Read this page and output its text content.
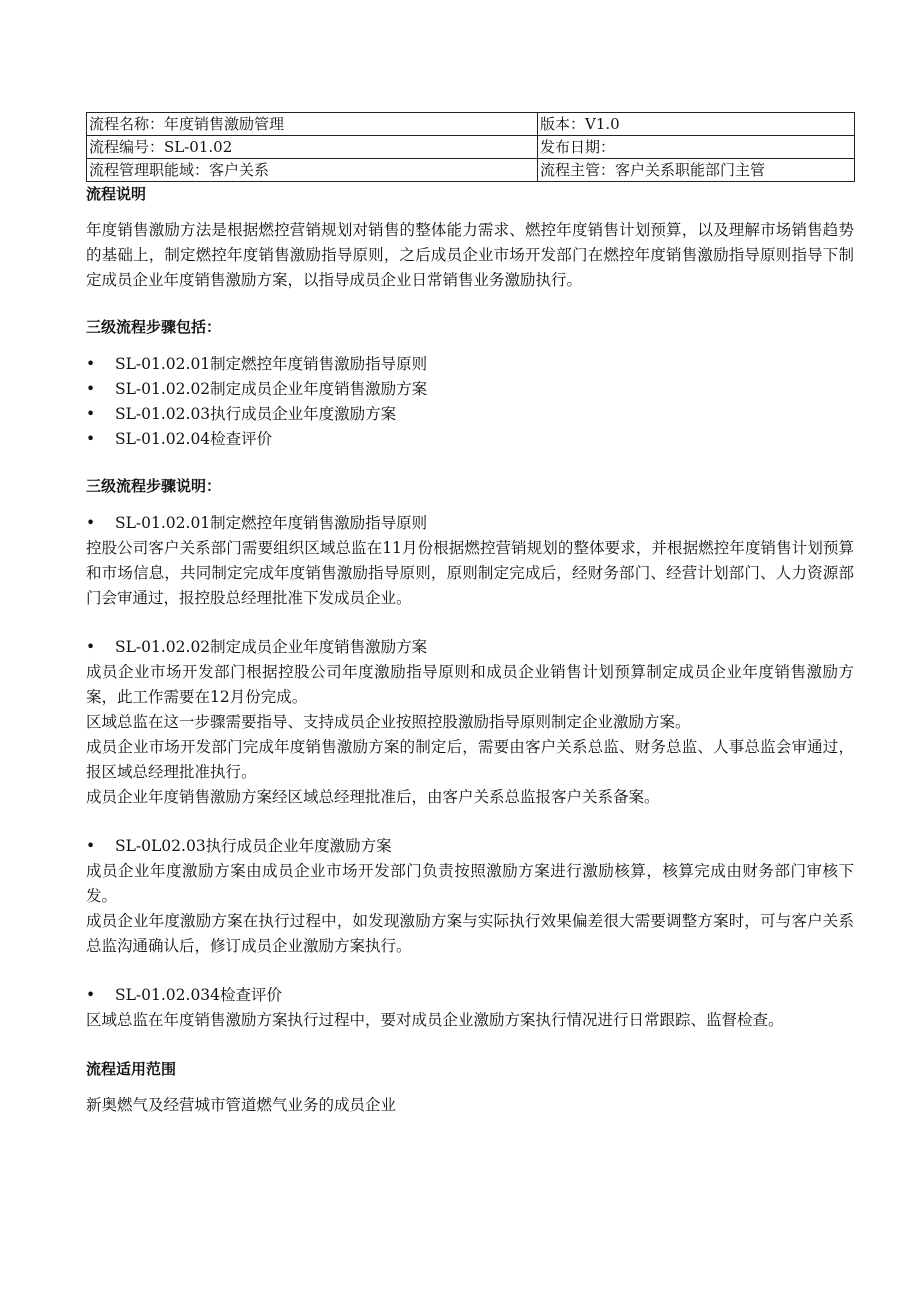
流程名称：年度销售激励管理	版本：V1.0
流程编号：SL-01.02	发布日期：
流程管理职能域：客户关系	流程主管：客户关系职能部门主管
流程说明

年度销售激励方法是根据燃控营销规划对销售的整体能力需求、燃控年度销售计划预算，以及理解市场销售趋势的基础上，制定燃控年度销售激励指导原则，之后成员企业市场开发部门在燃控年度销售激励指导原则指导下制定成员企业年度销售激励方案，以指导成员企业日常销售业务激励执行。

三级流程步骤包括：
• SL-01.02.01制定燃控年度销售激励指导原则
• SL-01.02.02制定成员企业年度销售激励方案
• SL-01.02.03执行成员企业年度激励方案
• SL-01.02.04检查评价
三级流程步骤说明：
• SL-01.02.01制定燃控年度销售激励指导原则

控股公司客户关系部门需要组织区域总监在11月份根据燃控营销规划的整体要求，并根据燃控年度销售计划预算和市场信息，共同制定完成年度销售激励指导原则，原则制定完成后，经财务部门、经营计划部门、人力资源部门会审通过，报控股总经理批准下发成员企业。

• SL-01.02.02制定成员企业年度销售激励方案

成员企业市场开发部门根据控股公司年度激励指导原则和成员企业销售计划预算制定成员企业年度销售激励方案，此工作需要在12月份完成。

区域总监在这一步骤需要指导、支持成员企业按照控股激励指导原则制定企业激励方案。

成员企业市场开发部门完成年度销售激励方案的制定后，需要由客户关系总监、财务总监、人事总监会审通过，报区域总经理批准执行。

成员企业年度销售激励方案经区域总经理批准后，由客户关系总监报客户关系备案。

• SL-0L02.03执行成员企业年度激励方案

成员企业年度激励方案由成员企业市场开发部门负责按照激励方案进行激励核算，核算完成由财务部门审核下发。

成员企业年度激励方案在执行过程中，如发现激励方案与实际执行效果偏差很大需要调整方案时，可与客户关系总监沟通确认后，修订成员企业激励方案执行。

• SL-01.02.034检查评价

区域总监在年度销售激励方案执行过程中，要对成员企业激励方案执行情况进行日常跟踪、监督检查。

流程适用范围

新奥燃气及经营城市管道燃气业务的成员企业
